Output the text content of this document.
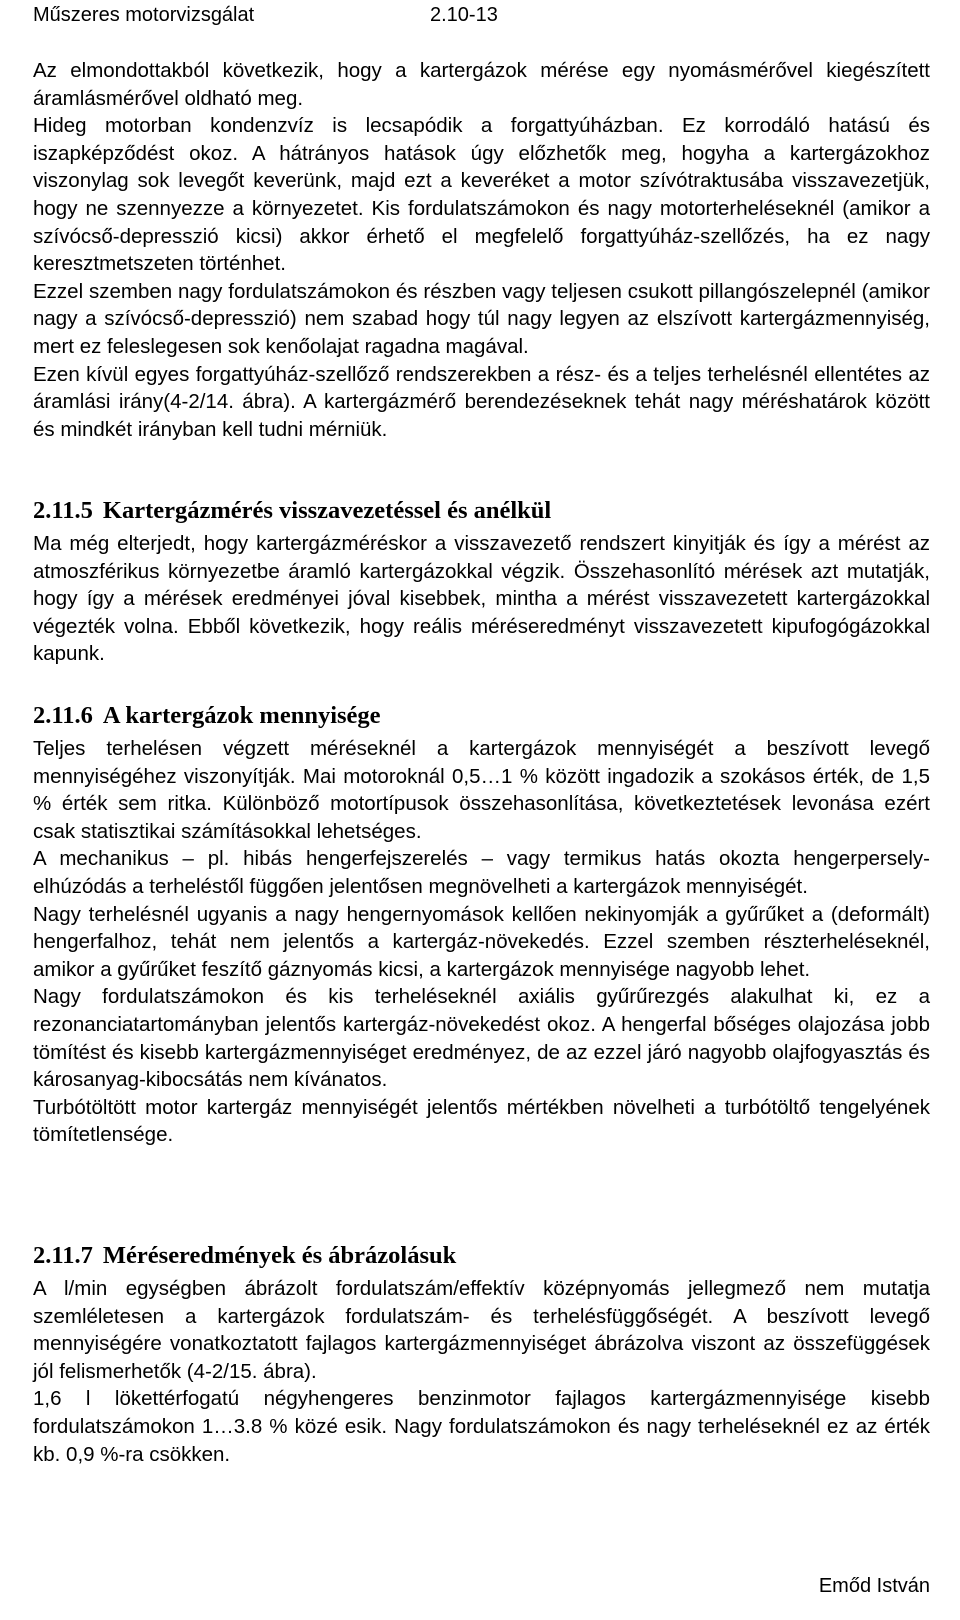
Műszeres motorvizsgálat	2.10-13

Az elmondottakból következik, hogy a kartergázok mérése egy nyomásmérővel kiegészített áramlásmérővel oldható meg.

Hideg motorban kondenzvíz is lecsapódik a forgattyúházban. Ez korrodáló hatású és iszapképződést okoz. A hátrányos hatások úgy előzhetők meg, hogyha a kartergázokhoz viszonylag sok levegőt keverünk, majd ezt a keveréket a motor szívótraktusába visszavezetjük, hogy ne szennyezze a környezetet. Kis fordulatszámokon és nagy motorterheléseknél (amikor a szívócső-depresszió kicsi) akkor érhető el megfelelő forgattyúház-szellőzés, ha ez nagy keresztmetszeten történhet.

Ezzel szemben nagy fordulatszámokon és részben vagy teljesen csukott pillangószelepnél (amikor nagy a szívócső-depresszió) nem szabad hogy túl nagy legyen az elszívott kartergázmennyiség, mert ez feleslegesen sok kenőolajat ragadna magával.

Ezen kívül egyes forgattyúház-szellőző rendszerekben a rész- és a teljes terhelésnél ellentétes az áramlási irány(4-2/14. ábra). A kartergázmérő berendezéseknek tehát nagy méréshatárok között és mindkét irányban kell tudni mérniük.

2.11.5 Kartergázmérés visszavezetéssel és anélkül

Ma még elterjedt, hogy kartergázméréskor a visszavezető rendszert kinyitják és így a mérést az atmoszférikus környezetbe áramló kartergázokkal végzik. Összehasonlító mérések azt mutatják, hogy így a mérések eredményei jóval kisebbek, mintha a mérést visszavezetett kartergázokkal végezték volna. Ebből következik, hogy reális méréseredményt visszavezetett kipufogógázokkal kapunk.

2.11.6 A kartergázok mennyisége

Teljes terhelésen végzett méréseknél a kartergázok mennyiségét a beszívott levegő mennyiségéhez viszonyítják. Mai motoroknál 0,5…1 % között ingadozik a szokásos érték, de 1,5 % érték sem ritka. Különböző motortípusok összehasonlítása, következtetések levonása ezért csak statisztikai számításokkal lehetséges.

A mechanikus – pl. hibás hengerfejszerelés – vagy termikus hatás okozta hengerpersely-elhúzódás a terheléstől függően jelentősen megnövelheti a kartergázok mennyiségét.

Nagy terhelésnél ugyanis a nagy hengernyomások kellően nekinyomják a gyűrűket a (deformált) hengerfalhoz, tehát nem jelentős a kartergáz-növekedés. Ezzel szemben részterheléseknél, amikor a gyűrűket feszítő gáznyomás kicsi, a kartergázok mennyisége nagyobb lehet.

Nagy fordulatszámokon és kis terheléseknél axiális gyűrűrezgés alakulhat ki, ez a rezonanciatartományban jelentős kartergáz-növekedést okoz. A hengerfal bőséges olajozása jobb tömítést és kisebb kartergázmennyiséget eredményez, de az ezzel járó nagyobb olajfogyasztás és károsanyag-kibocsátás nem kívánatos.

Turbótöltött motor kartergáz mennyiségét jelentős mértékben növelheti a turbótöltő tengelyének tömítetlensége.

2.11.7 Méréseredmények és ábrázolásuk

A l/min egységben ábrázolt fordulatszám/effektív középnyomás jellegmező nem mutatja szemléletesen a kartergázok fordulatszám- és terhelésfüggőségét. A beszívott levegő mennyiségére vonatkoztatott fajlagos kartergázmennyiséget ábrázolva viszont az összefüggések jól felismerhetők (4-2/15. ábra).

1,6 l lökettérfogatú négyhengeres benzinmotor fajlagos kartergázmennyisége kisebb fordulatszámokon 1…3.8 % közé esik. Nagy fordulatszámokon és nagy terheléseknél ez az érték kb. 0,9 %-ra csökken.

Emőd István
